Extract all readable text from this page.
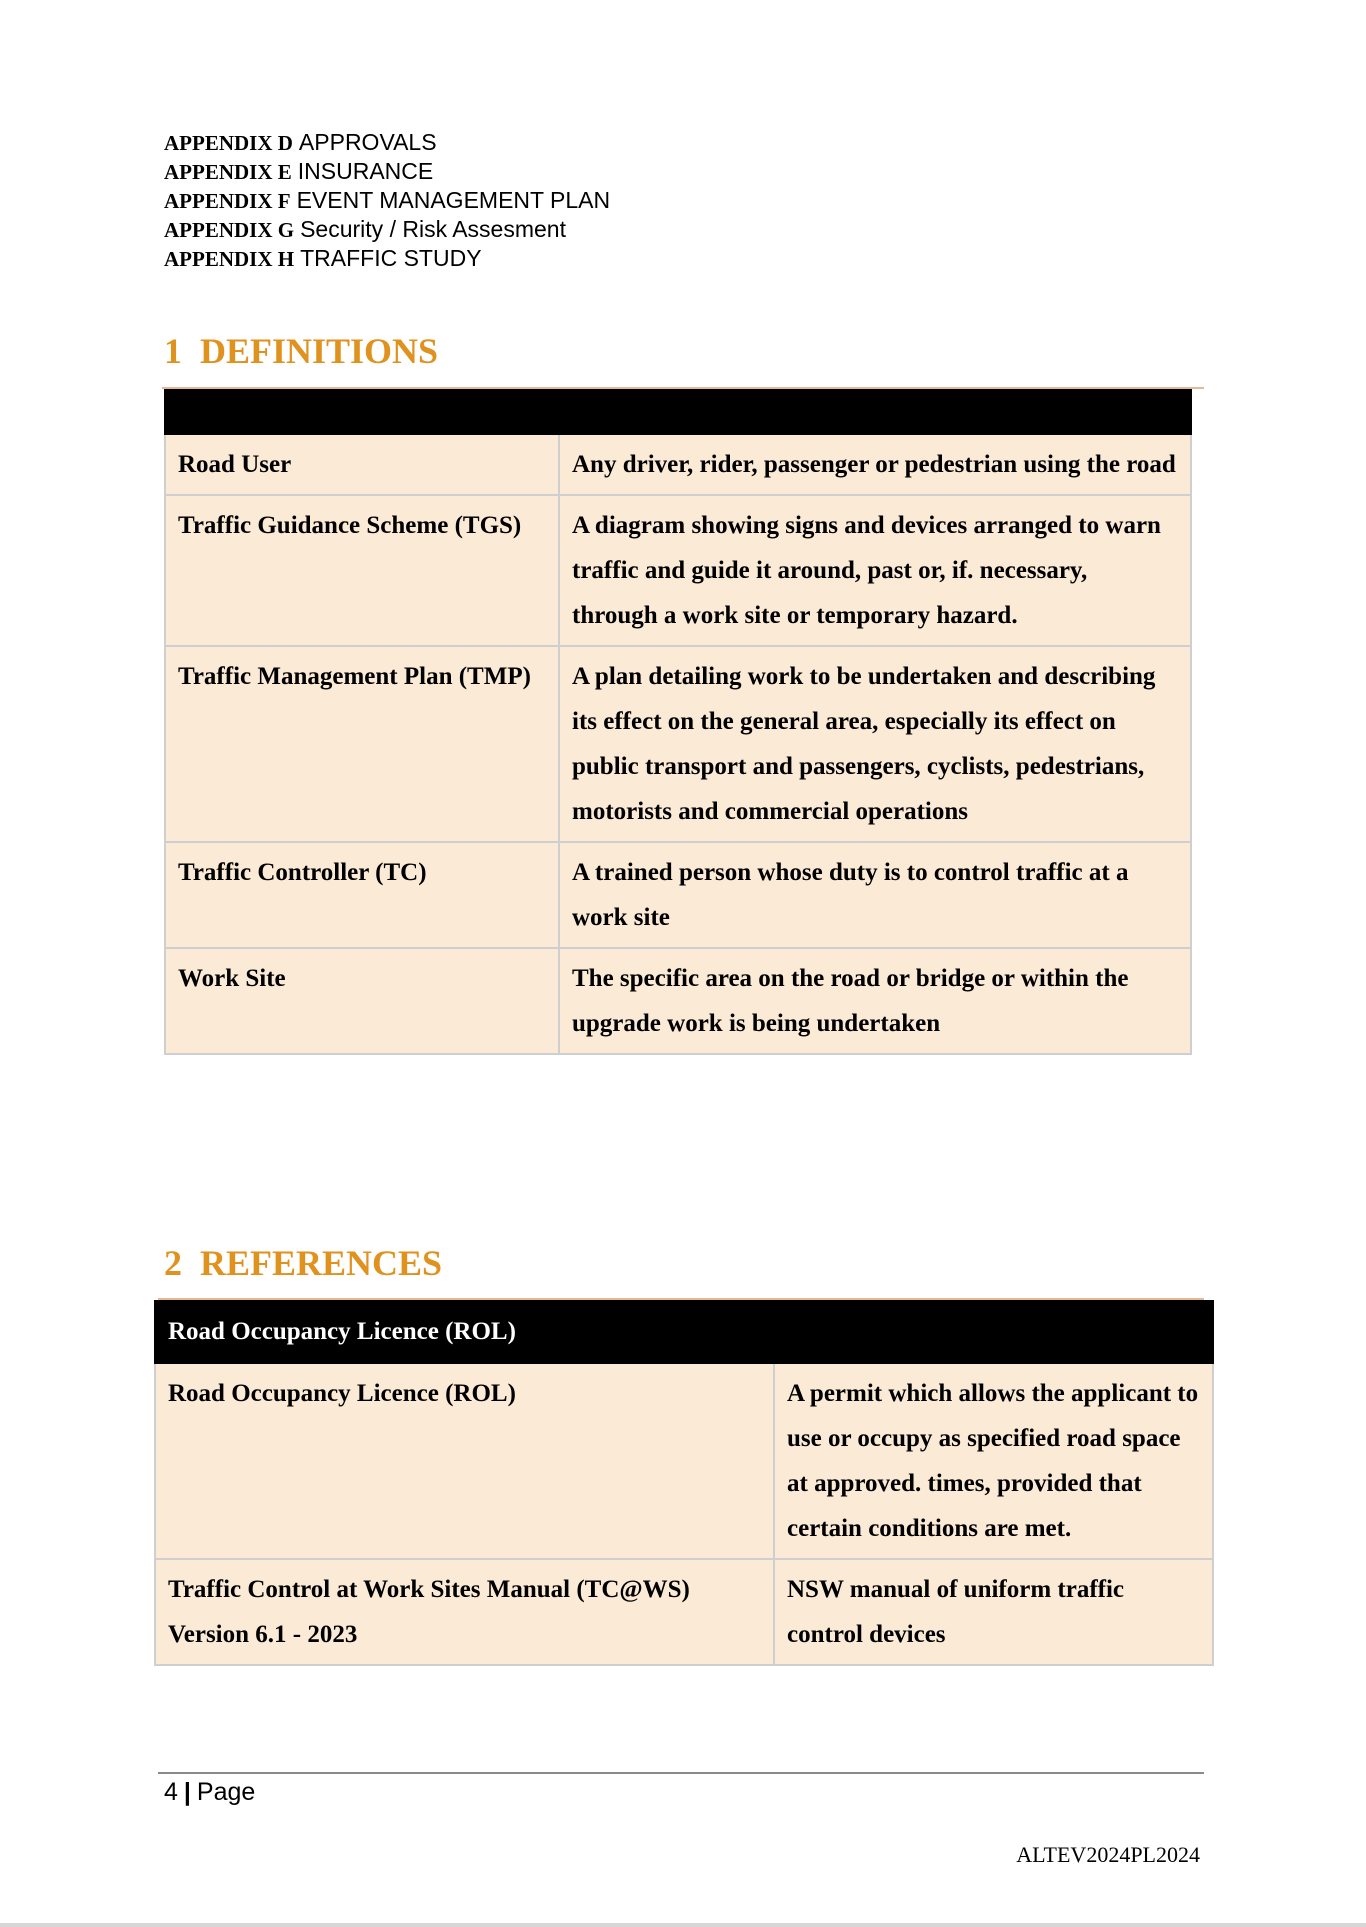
APPENDIX D APPROVALS
APPENDIX E INSURANCE
APPENDIX F EVENT MANAGEMENT PLAN
APPENDIX G Security / Risk Assesment
APPENDIX H TRAFFIC STUDY
1 DEFINITIONS

Road User	Any driver, rider, passenger or pedestrian using the road
Traffic Guidance Scheme (TGS)	A diagram showing signs and devices arranged to warn traffic and guide it around, past or, if. necessary, through a work site or temporary hazard.
Traffic Management Plan (TMP)	A plan detailing work to be undertaken and describing its effect on the general area, especially its effect on public transport and passengers, cyclists, pedestrians, motorists and commercial operations
Traffic Controller (TC)	A trained person whose duty is to control traffic at a work site
Work Site	The specific area on the road or bridge or within the upgrade work is being undertaken
2 REFERENCES
Road Occupancy Licence (ROL)	
Road Occupancy Licence (ROL)	A permit which allows the applicant to use or occupy as specified road space at approved. times, provided that certain conditions are met.
Traffic Control at Work Sites Manual (TC@WS) Version 6.1 - 2023	NSW manual of uniform traffic control devices
4 | Page
ALTEV2024PL2024
